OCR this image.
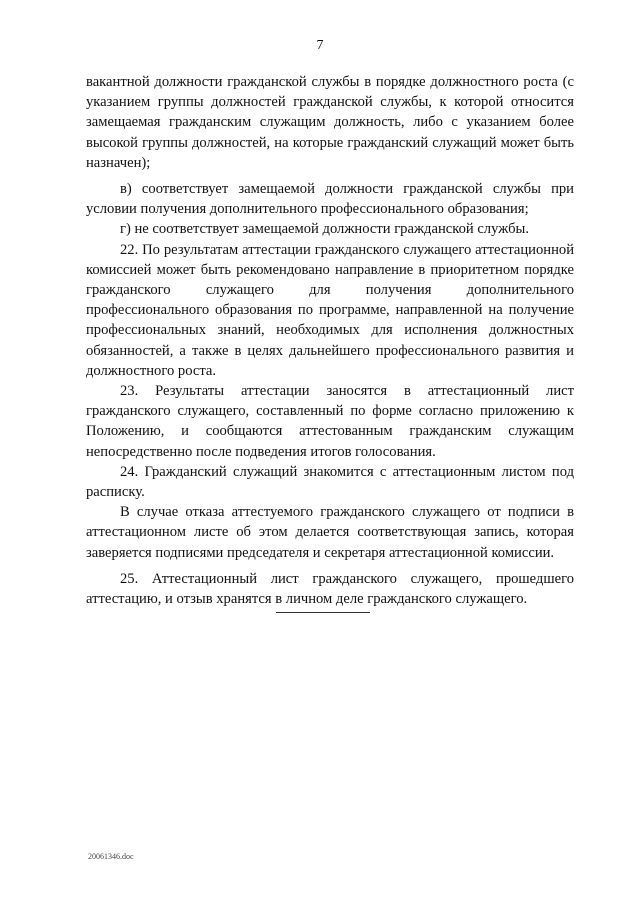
7

вакантной должности гражданской службы в порядке должностного роста (с указанием группы должностей гражданской службы, к которой относится замещаемая гражданским служащим должность, либо с указанием более высокой группы должностей, на которые гражданский служащий может быть назначен);

в) соответствует замещаемой должности гражданской службы при условии получения дополнительного профессионального образования;

г) не соответствует замещаемой должности гражданской службы.

22. По результатам аттестации гражданского служащего аттестационной комиссией может быть рекомендовано направление в приоритетном порядке гражданского служащего для получения дополнительного профессионального образования по программе, направленной на получение профессиональных знаний, необходимых для исполнения должностных обязанностей, а также в целях дальнейшего профессионального развития и должностного роста.

23. Результаты аттестации заносятся в аттестационный лист гражданского служащего, составленный по форме согласно приложению к Положению, и сообщаются аттестованным гражданским служащим непосредственно после подведения итогов голосования.

24. Гражданский служащий знакомится с аттестационным листом под расписку.

В случае отказа аттестуемого гражданского служащего от подписи в аттестационном листе об этом делается соответствующая запись, которая заверяется подписями председателя и секретаря аттестационной комиссии.

25. Аттестационный лист гражданского служащего, прошедшего аттестацию, и отзыв хранятся в личном деле гражданского служащего.

20061346.doc
